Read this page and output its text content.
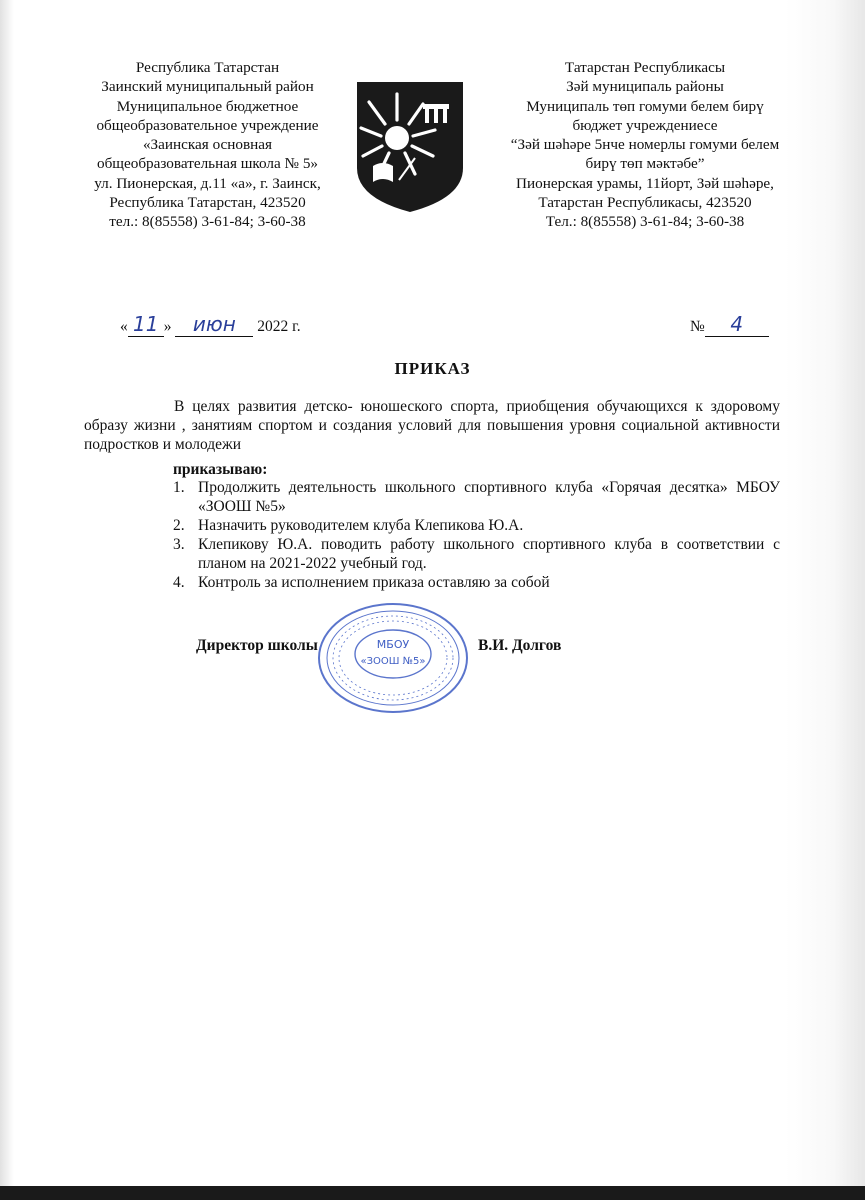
Республика Татарстан
Заинский муниципальный район
Муниципальное бюджетное
общеобразовательное учреждение
«Заинская основная
общеобразовательная школа № 5»
ул. Пионерская, д.11 «а», г. Заинск,
Республика Татарстан, 423520
тел.: 8(85558) 3-61-84; 3-60-38
Татарстан Республикасы
Зәй муниципаль районы
Муниципаль төп гомуми белем бирү
бюджет учреждениесе
“Зәй шәһәре 5нче номерлы гомуми белем
бирү төп мәктәбе”
Пионерская урамы, 11йорт, Зәй шәһәре,
Татарстан Республикасы, 423520
Тел.: 8(85558) 3-61-84; 3-60-38
« 11 » июн 2022 г.	№ 4
ПРИКАЗ
В целях развития детско- юношеского спорта, приобщения обучающихся к здоровому образу жизни , занятиям спортом и создания условий для повышения уровня социальной активности подростков и молодежи
приказываю:
1. Продолжить деятельность школьного спортивного клуба «Горячая десятка» МБОУ «ЗООШ №5»
2. Назначить руководителем клуба Клепикова Ю.А.
3. Клепикову Ю.А. поводить работу школьного спортивного клуба в соответствии с планом на 2021-2022 учебный год.
4. Контроль за исполнением приказа оставляю за собой
МБОУ
«ЗООШ №5»
Директор школы	В.И. Долгов
